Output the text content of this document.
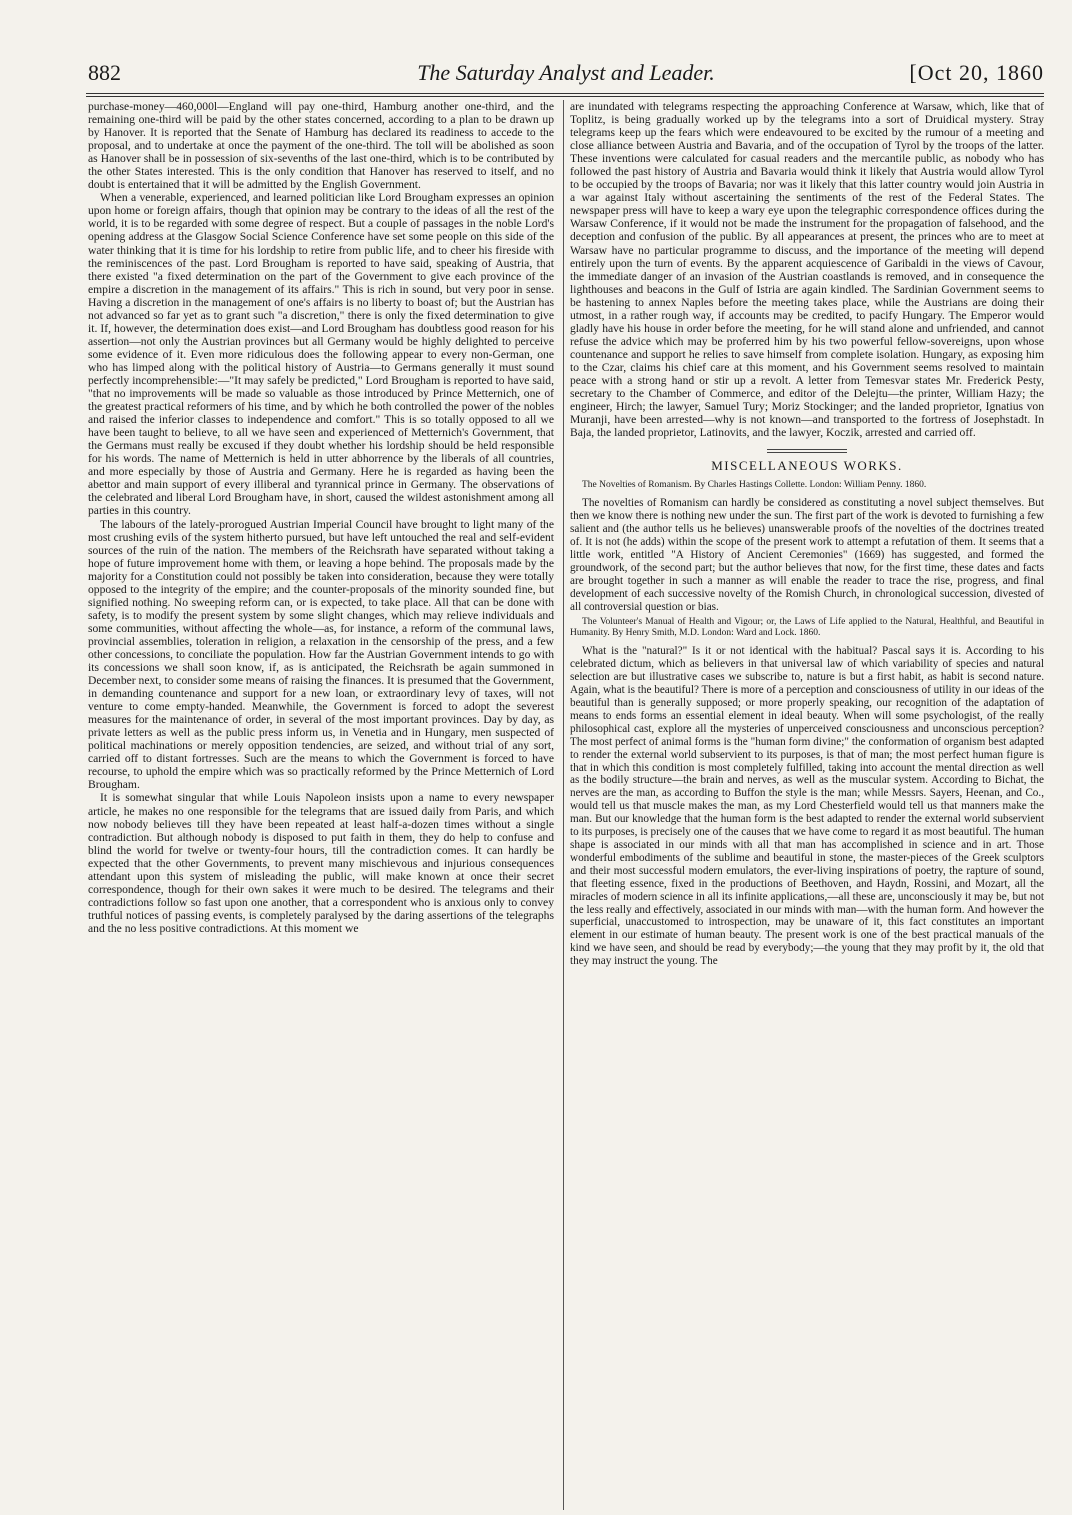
882	The Saturday Analyst and Leader.	[Oct 20, 1860

purchase-money—460,000l—England will pay one-third, Hamburg another one-third, and the remaining one-third will be paid by the other states concerned, according to a plan to be drawn up by Hanover. It is reported that the Senate of Hamburg has declared its readiness to accede to the proposal, and to undertake at once the payment of the one-third. The toll will be abolished as soon as Hanover shall be in possession of six-sevenths of the last one-third, which is to be contributed by the other States interested. This is the only condition that Hanover has reserved to itself, and no doubt is entertained that it will be admitted by the English Government.

When a venerable, experienced, and learned politician like Lord Brougham expresses an opinion upon home or foreign affairs, though that opinion may be contrary to the ideas of all the rest of the world, it is to be regarded with some degree of respect. But a couple of passages in the noble Lord's opening address at the Glasgow Social Science Conference have set some people on this side of the water thinking that it is time for his lordship to retire from public life, and to cheer his fireside with the reminiscences of the past. Lord Brougham is reported to have said, speaking of Austria, that there existed "a fixed determination on the part of the Government to give each province of the empire a discretion in the management of its affairs." This is rich in sound, but very poor in sense. Having a discretion in the management of one's affairs is no liberty to boast of; but the Austrian has not advanced so far yet as to grant such "a discretion," there is only the fixed determination to give it. If, however, the determination does exist—and Lord Brougham has doubtless good reason for his assertion—not only the Austrian provinces but all Germany would be highly delighted to perceive some evidence of it. Even more ridiculous does the following appear to every non-German, one who has limped along with the political history of Austria—to Germans generally it must sound perfectly incomprehensible:—"It may safely be predicted," Lord Brougham is reported to have said, "that no improvements will be made so valuable as those introduced by Prince Metternich, one of the greatest practical reformers of his time, and by which he both controlled the power of the nobles and raised the inferior classes to independence and comfort." This is so totally opposed to all we have been taught to believe, to all we have seen and experienced of Metternich's Government, that the Germans must really be excused if they doubt whether his lordship should be held responsible for his words. The name of Metternich is held in utter abhorrence by the liberals of all countries, and more especially by those of Austria and Germany. Here he is regarded as having been the abettor and main support of every illiberal and tyrannical prince in Germany. The observations of the celebrated and liberal Lord Brougham have, in short, caused the wildest astonishment among all parties in this country.

The labours of the lately-prorogued Austrian Imperial Council have brought to light many of the most crushing evils of the system hitherto pursued, but have left untouched the real and self-evident sources of the ruin of the nation. The members of the Reichsrath have separated without taking a hope of future improvement home with them, or leaving a hope behind. The proposals made by the majority for a Constitution could not possibly be taken into consideration, because they were totally opposed to the integrity of the empire; and the counter-proposals of the minority sounded fine, but signified nothing. No sweeping reform can, or is expected, to take place. All that can be done with safety, is to modify the present system by some slight changes, which may relieve individuals and some communities, without affecting the whole—as, for instance, a reform of the communal laws, provincial assemblies, toleration in religion, a relaxation in the censorship of the press, and a few other concessions, to conciliate the population. How far the Austrian Government intends to go with its concessions we shall soon know, if, as is anticipated, the Reichsrath be again summoned in December next, to consider some means of raising the finances. It is presumed that the Government, in demanding countenance and support for a new loan, or extraordinary levy of taxes, will not venture to come empty-handed. Meanwhile, the Government is forced to adopt the severest measures for the maintenance of order, in several of the most important provinces. Day by day, as private letters as well as the public press inform us, in Venetia and in Hungary, men suspected of political machinations or merely opposition tendencies, are seized, and without trial of any sort, carried off to distant fortresses. Such are the means to which the Government is forced to have recourse, to uphold the empire which was so practically reformed by the Prince Metternich of Lord Brougham.

It is somewhat singular that while Louis Napoleon insists upon a name to every newspaper article, he makes no one responsible for the telegrams that are issued daily from Paris, and which now nobody believes till they have been repeated at least half-a-dozen times without a single contradiction. But although nobody is disposed to put faith in them, they do help to confuse and blind the world for twelve or twenty-four hours, till the contradiction comes. It can hardly be expected that the other Governments, to prevent many mischievous and injurious consequences attendant upon this system of misleading the public, will make known at once their secret correspondence, though for their own sakes it were much to be desired. The telegrams and their contradictions follow so fast upon one another, that a correspondent who is anxious only to convey truthful notices of passing events, is completely paralysed by the daring assertions of the telegraphs and the no less positive contradictions. At this moment we

are inundated with telegrams respecting the approaching Conference at Warsaw, which, like that of Toplitz, is being gradually worked up by the telegrams into a sort of Druidical mystery. Stray telegrams keep up the fears which were endeavoured to be excited by the rumour of a meeting and close alliance between Austria and Bavaria, and of the occupation of Tyrol by the troops of the latter. These inventions were calculated for casual readers and the mercantile public, as nobody who has followed the past history of Austria and Bavaria would think it likely that Austria would allow Tyrol to be occupied by the troops of Bavaria; nor was it likely that this latter country would join Austria in a war against Italy without ascertaining the sentiments of the rest of the Federal States. The newspaper press will have to keep a wary eye upon the telegraphic correspondence offices during the Warsaw Conference, if it would not be made the instrument for the propagation of falsehood, and the deception and confusion of the public. By all appearances at present, the princes who are to meet at Warsaw have no particular programme to discuss, and the importance of the meeting will depend entirely upon the turn of events. By the apparent acquiescence of Garibaldi in the views of Cavour, the immediate danger of an invasion of the Austrian coastlands is removed, and in consequence the lighthouses and beacons in the Gulf of Istria are again kindled. The Sardinian Government seems to be hastening to annex Naples before the meeting takes place, while the Austrians are doing their utmost, in a rather rough way, if accounts may be credited, to pacify Hungary. The Emperor would gladly have his house in order before the meeting, for he will stand alone and unfriended, and cannot refuse the advice which may be proferred him by his two powerful fellow-sovereigns, upon whose countenance and support he relies to save himself from complete isolation. Hungary, as exposing him to the Czar, claims his chief care at this moment, and his Government seems resolved to maintain peace with a strong hand or stir up a revolt. A letter from Temesvar states Mr. Frederick Pesty, secretary to the Chamber of Commerce, and editor of the Delejtu—the printer, William Hazy; the engineer, Hirch; the lawyer, Samuel Tury; Moriz Stockinger; and the landed proprietor, Ignatius von Muranji, have been arrested—why is not known—and transported to the fortress of Josephstadt. In Baja, the landed proprietor, Latinovits, and the lawyer, Koczik, arrested and carried off.

MISCELLANEOUS WORKS.
The Novelties of Romanism. By Charles Hastings Collette. London: William Penny. 1860.

The novelties of Romanism can hardly be considered as constituting a novel subject themselves. But then we know there is nothing new under the sun. The first part of the work is devoted to furnishing a few salient and (the author tells us he believes) unanswerable proofs of the novelties of the doctrines treated of. It is not (he adds) within the scope of the present work to attempt a refutation of them. It seems that a little work, entitled "A History of Ancient Ceremonies" (1669) has suggested, and formed the groundwork, of the second part; but the author believes that now, for the first time, these dates and facts are brought together in such a manner as will enable the reader to trace the rise, progress, and final development of each successive novelty of the Romish Church, in chronological succession, divested of all controversial question or bias.

The Volunteer's Manual of Health and Vigour; or, the Laws of Life applied to the Natural, Healthful, and Beautiful in Humanity. By Henry Smith, M.D. London: Ward and Lock. 1860.

What is the "natural?" Is it or not identical with the habitual? Pascal says it is. According to his celebrated dictum, which as believers in that universal law of which variability of species and natural selection are but illustrative cases we subscribe to, nature is but a first habit, as habit is second nature. Again, what is the beautiful? There is more of a perception and consciousness of utility in our ideas of the beautiful than is generally supposed; or more properly speaking, our recognition of the adaptation of means to ends forms an essential element in ideal beauty. When will some psychologist, of the really philosophical cast, explore all the mysteries of unperceived consciousness and unconscious perception? The most perfect of animal forms is the "human form divine;" the conformation of organism best adapted to render the external world subservient to its purposes, is that of man; the most perfect human figure is that in which this condition is most completely fulfilled, taking into account the mental direction as well as the bodily structure—the brain and nerves, as well as the muscular system. According to Bichat, the nerves are the man, as according to Buffon the style is the man; while Messrs. Sayers, Heenan, and Co., would tell us that muscle makes the man, as my Lord Chesterfield would tell us that manners make the man. But our knowledge that the human form is the best adapted to render the external world subservient to its purposes, is precisely one of the causes that we have come to regard it as most beautiful. The human shape is associated in our minds with all that man has accomplished in science and in art. Those wonderful embodiments of the sublime and beautiful in stone, the master-pieces of the Greek sculptors and their most successful modern emulators, the ever-living inspirations of poetry, the rapture of sound, that fleeting essence, fixed in the productions of Beethoven, and Haydn, Rossini, and Mozart, all the miracles of modern science in all its infinite applications,—all these are, unconsciously it may be, but not the less really and effectively, associated in our minds with man—with the human form. And however the superficial, unaccustomed to introspection, may be unaware of it, this fact constitutes an important element in our estimate of human beauty. The present work is one of the best practical manuals of the kind we have seen, and should be read by everybody;—the young that they may profit by it, the old that they may instruct the young. The
